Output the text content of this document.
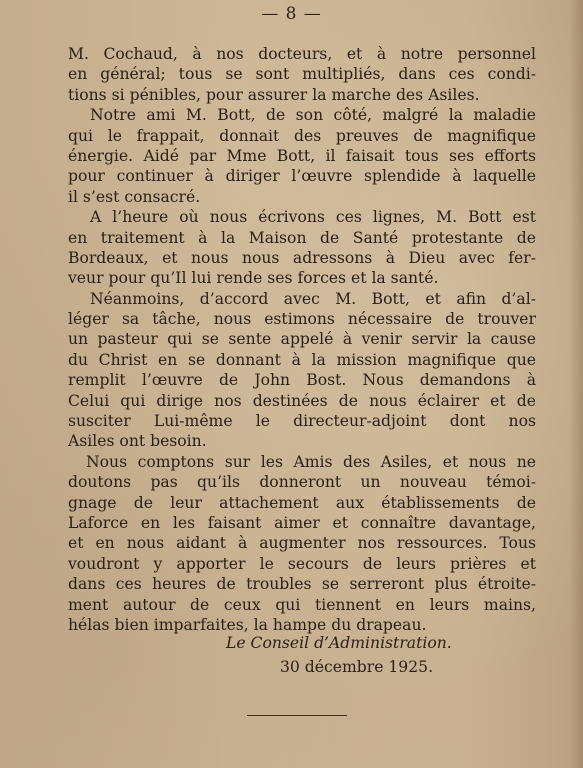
— 8 —
M. Cochaud, à nos docteurs, et à notre personnel
en général; tous se sont multipliés, dans ces condi-
tions si pénibles, pour assurer la marche des Asiles.
Notre ami M. Bott, de son côté, malgré la maladie
qui le frappait, donnait des preuves de magnifique
énergie. Aidé par Mme Bott, il faisait tous ses efforts
pour continuer à diriger l’œuvre splendide à laquelle
il s’est consacré.
A l’heure où nous écrivons ces lignes, M. Bott est
en traitement à la Maison de Santé protestante de
Bordeaux, et nous nous adressons à Dieu avec fer-
veur pour qu’Il lui rende ses forces et la santé.
Néanmoins, d’accord avec M. Bott, et afin d’al-
léger sa tâche, nous estimons nécessaire de trouver
un pasteur qui se sente appelé à venir servir la cause
du Christ en se donnant à la mission magnifique que
remplit l’œuvre de John Bost. Nous demandons à
Celui qui dirige nos destinées de nous éclairer et de
susciter Lui-même le directeur-adjoint dont nos
Asiles ont besoin.
Nous comptons sur les Amis des Asiles, et nous ne
doutons pas qu’ils donneront un nouveau témoi-
gnage de leur attachement aux établissements de
Laforce en les faisant aimer et connaître davantage,
et en nous aidant à augmenter nos ressources. Tous
voudront y apporter le secours de leurs prières et
dans ces heures de troubles se serreront plus étroite-
ment autour de ceux qui tiennent en leurs mains,
hélas bien imparfaites, la hampe du drapeau.
Le Conseil d’Administration.
30 décembre 1925.
